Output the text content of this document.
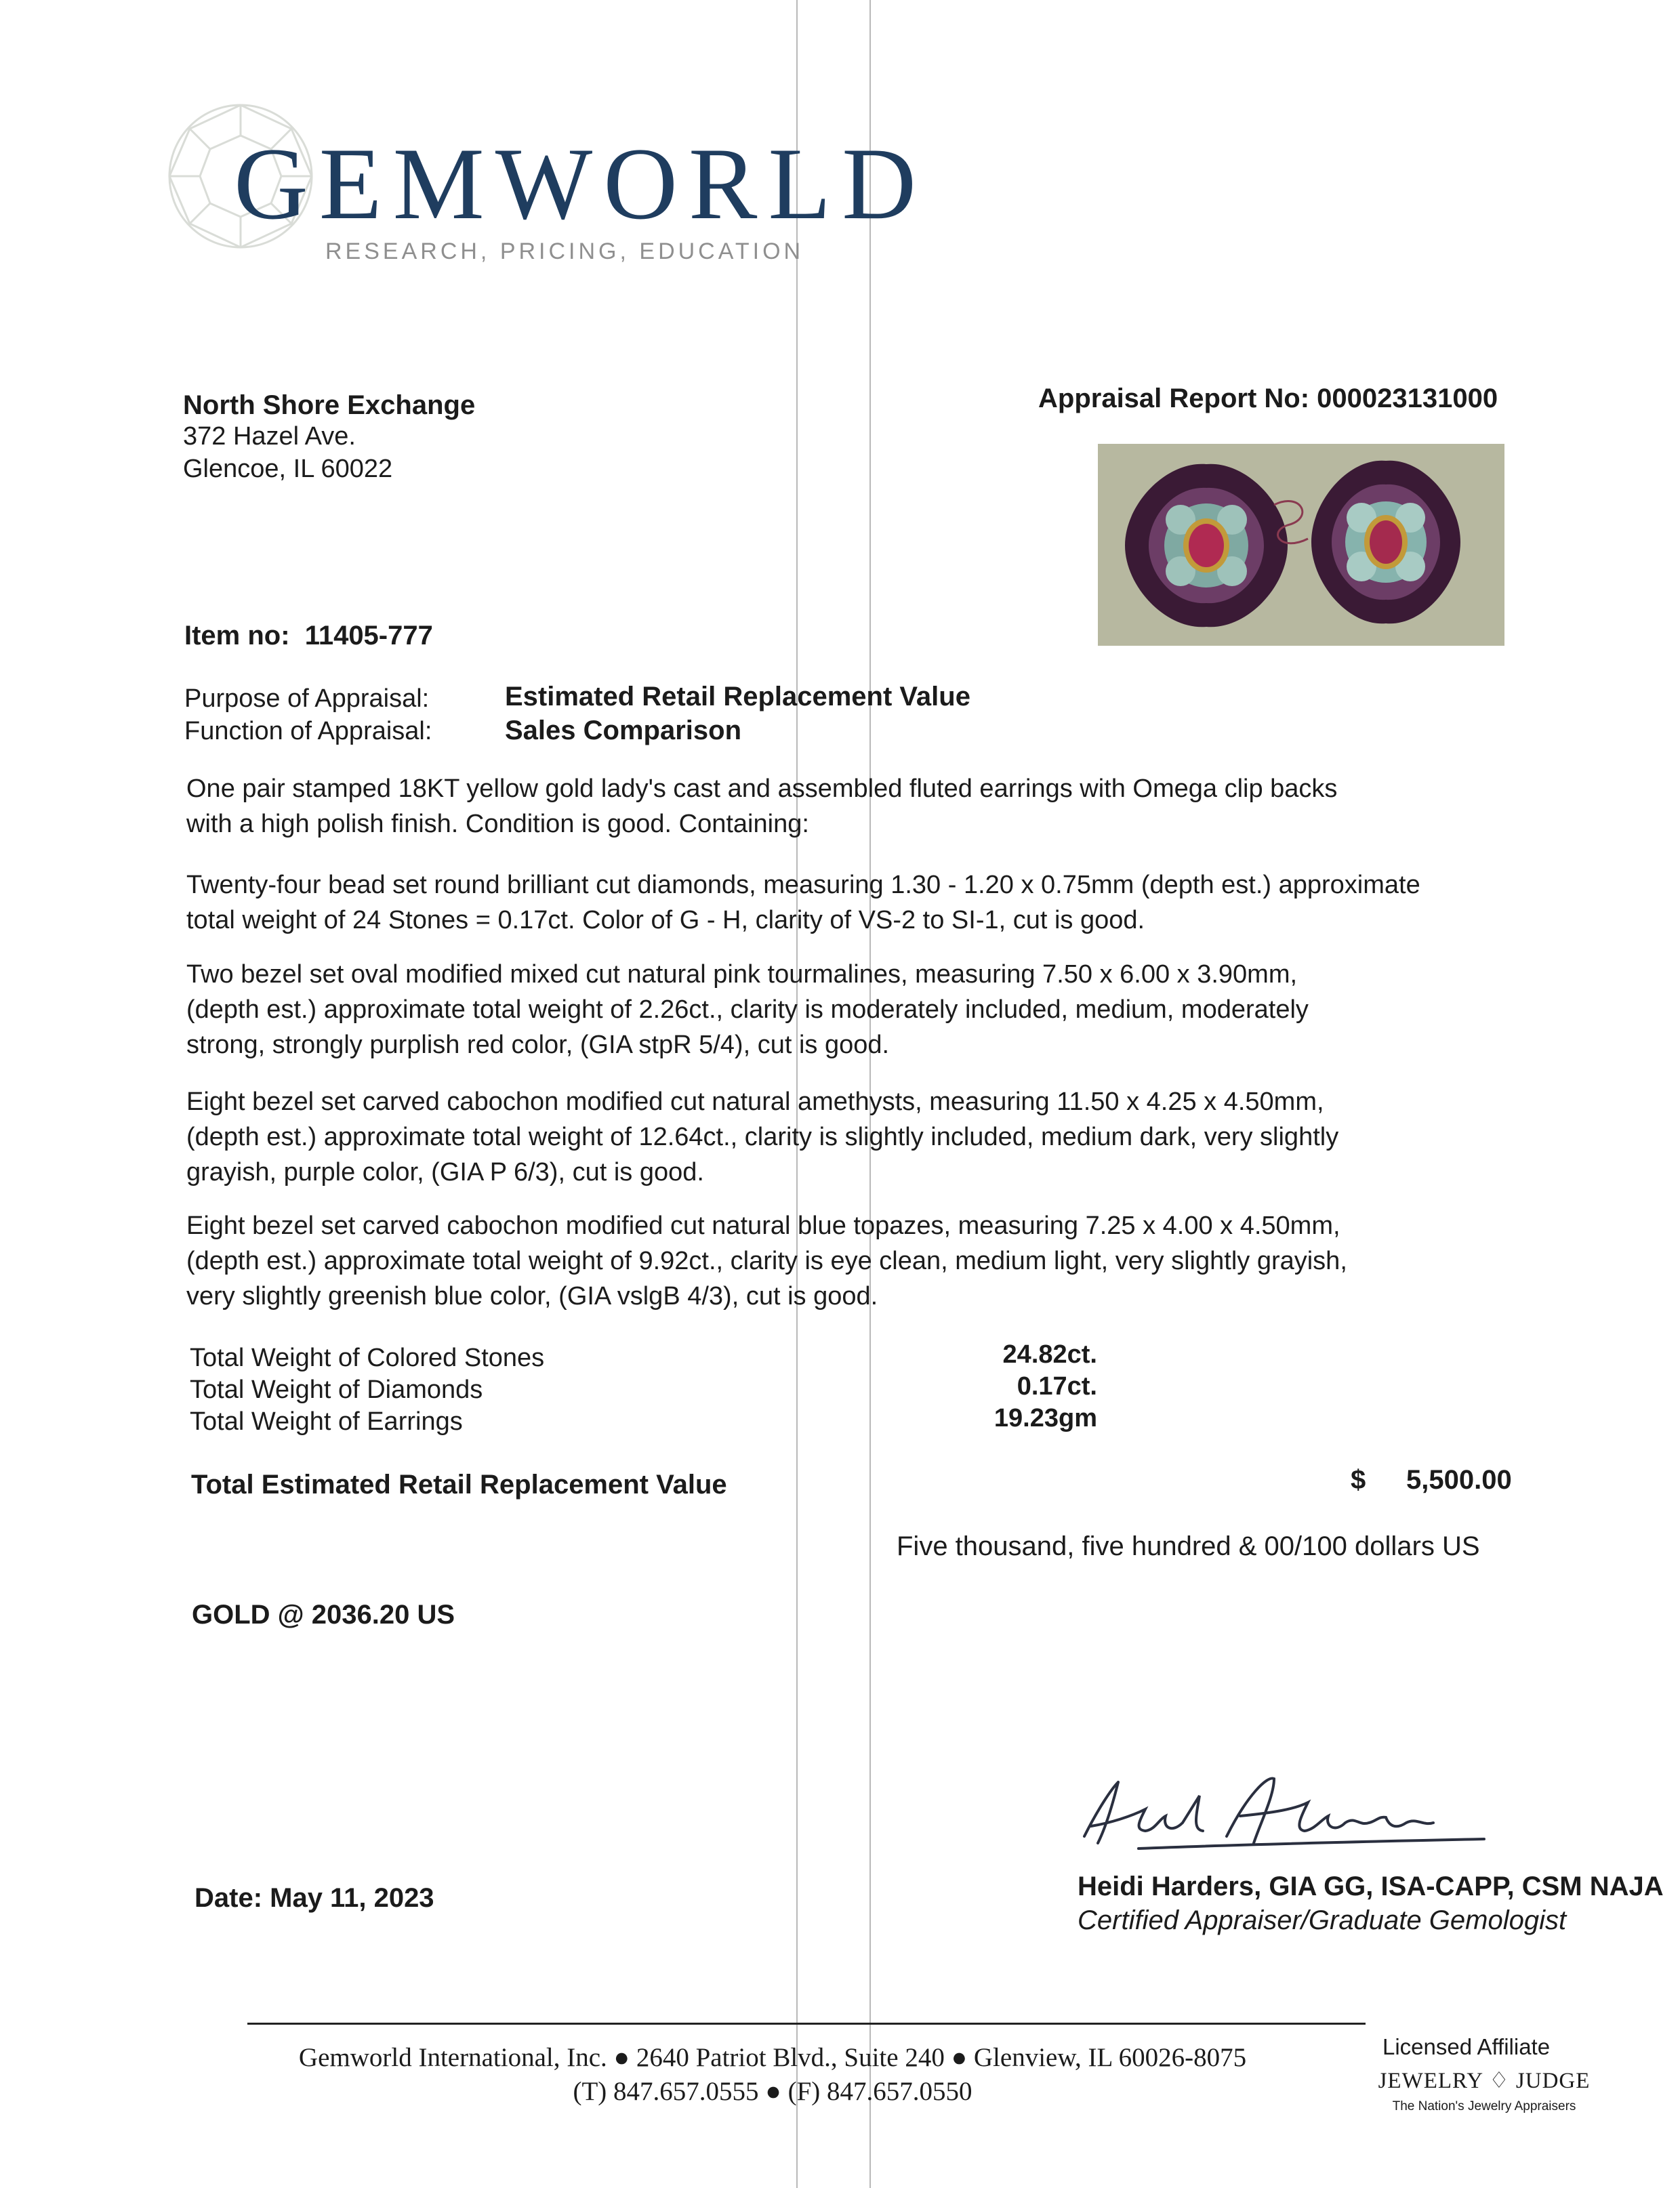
GEMWORLD
RESEARCH, PRICING, EDUCATION
North Shore Exchange
372 Hazel Ave.
Glencoe, IL 60022
Appraisal Report No: 000023131000
Item no: 11405-777
Purpose of Appraisal:	Estimated Retail Replacement Value
Function of Appraisal:	Sales Comparison
One pair stamped 18KT yellow gold lady's cast and assembled fluted earrings with Omega clip backs
with a high polish finish. Condition is good. Containing:
Twenty-four bead set round brilliant cut diamonds, measuring 1.30 - 1.20 x 0.75mm (depth est.) approximate
total weight of 24 Stones = 0.17ct. Color of G - H, clarity of VS-2 to SI-1, cut is good.
Two bezel set oval modified mixed cut natural pink tourmalines, measuring 7.50 x 6.00 x 3.90mm,
(depth est.) approximate total weight of 2.26ct., clarity is moderately included, medium, moderately
strong, strongly purplish red color, (GIA stpR 5/4), cut is good.
Eight bezel set carved cabochon modified cut natural amethysts, measuring 11.50 x 4.25 x 4.50mm,
(depth est.) approximate total weight of 12.64ct., clarity is slightly included, medium dark, very slightly
grayish, purple color, (GIA P 6/3), cut is good.
Eight bezel set carved cabochon modified cut natural blue topazes, measuring 7.25 x 4.00 x 4.50mm,
(depth est.) approximate total weight of 9.92ct., clarity is eye clean, medium light, very slightly grayish,
very slightly greenish blue color, (GIA vslgB 4/3), cut is good.
Total Weight of Colored Stones	24.82ct.
Total Weight of Diamonds	0.17ct.
Total Weight of Earrings	19.23gm
Total Estimated Retail Replacement Value	$ 5,500.00
Five thousand, five hundred & 00/100 dollars US
GOLD @ 2036.20 US
Heidi Harders, GIA GG, ISA-CAPP, CSM NAJA
Certified Appraiser/Graduate Gemologist
Date: May 11, 2023
Gemworld International, Inc. ● 2640 Patriot Blvd., Suite 240 ● Glenview, IL 60026-8075
(T) 847.657.0555 ● (F) 847.657.0550
Licensed Affiliate
JEWELRY ♢ JUDGE
The Nation's Jewelry Appraisers
